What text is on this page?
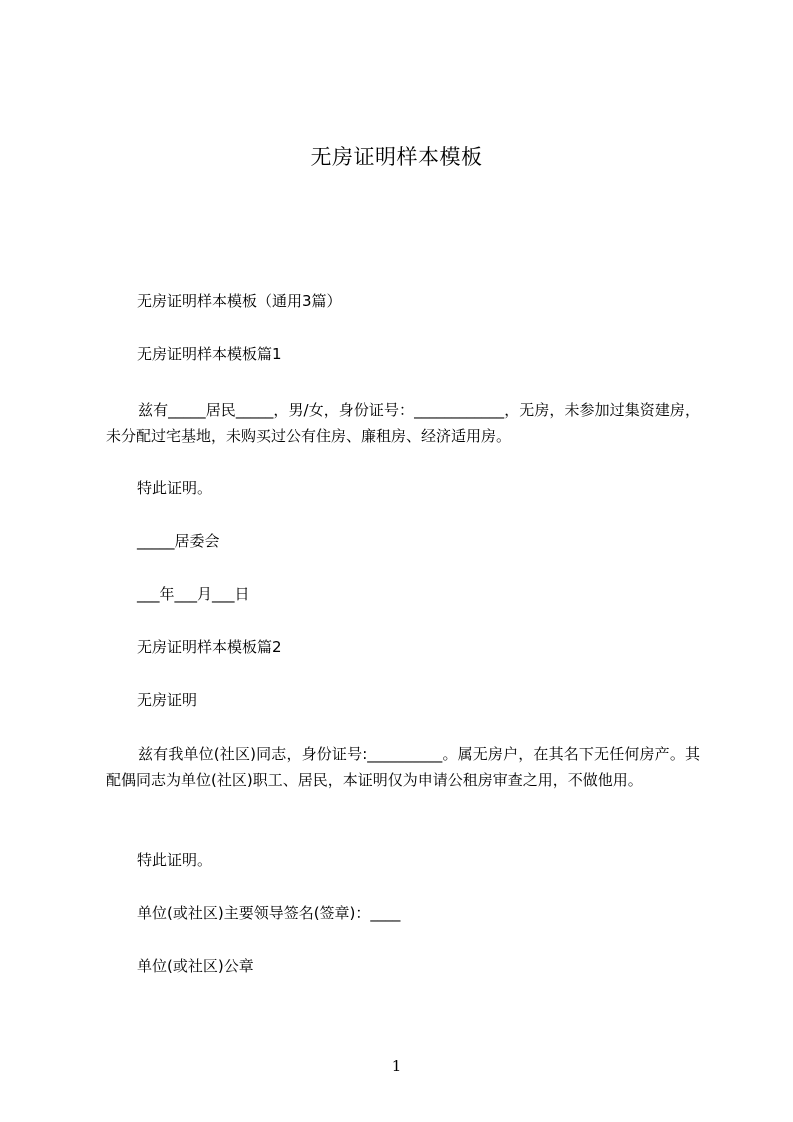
无房证明样本模板
无房证明样本模板（通用3篇）
无房证明样本模板篇1

兹有_____居民_____，男/女，身份证号：____________，无房，未参加过集资建房，未分配过宅基地，未购买过公有住房、廉租房、经济适用房。

特此证明。
_____居委会
___年___月___日
无房证明样本模板篇2
无房证明

兹有我单位(社区)同志，身份证号:__________。属无房户，在其名下无任何房产。其配偶同志为单位(社区)职工、居民，本证明仅为申请公租房审查之用，不做他用。

特此证明。
单位(或社区)主要领导签名(签章)：____
单位(或社区)公章
1
